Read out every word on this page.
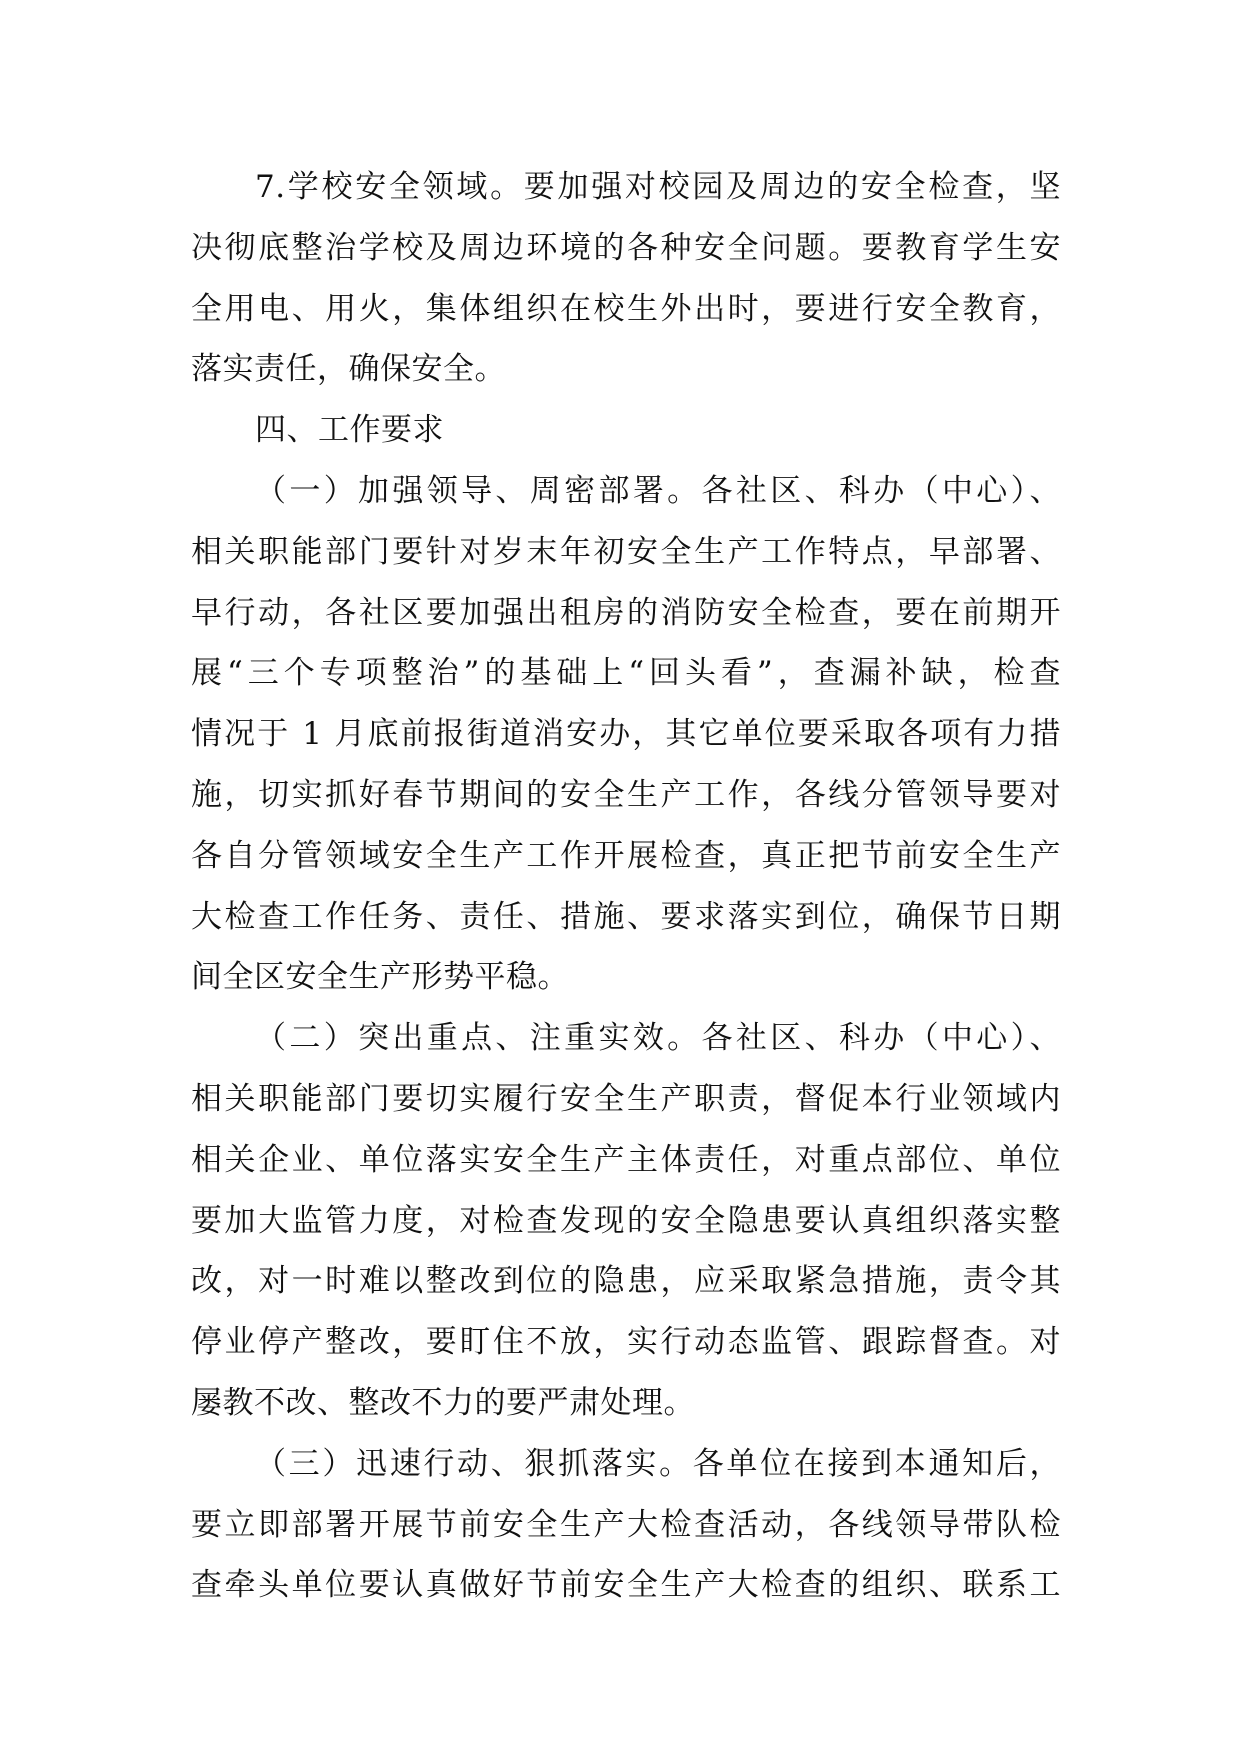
7.学校安全领域。要加强对校园及周边的安全检查，坚
决彻底整治学校及周边环境的各种安全问题。要教育学生安
全用电、用火，集体组织在校生外出时，要进行安全教育，
落实责任，确保安全。
四、工作要求
（一）加强领导、周密部署。各社区、科办（中心）、
相关职能部门要针对岁末年初安全生产工作特点，早部署、
早行动，各社区要加强出租房的消防安全检查，要在前期开
展“三个专项整治”的基础上“回头看”，查漏补缺，检查
情况于 1 月底前报街道消安办，其它单位要采取各项有力措
施，切实抓好春节期间的安全生产工作，各线分管领导要对
各自分管领域安全生产工作开展检查，真正把节前安全生产
大检查工作任务、责任、措施、要求落实到位，确保节日期
间全区安全生产形势平稳。
（二）突出重点、注重实效。各社区、科办（中心）、
相关职能部门要切实履行安全生产职责，督促本行业领域内
相关企业、单位落实安全生产主体责任，对重点部位、单位
要加大监管力度，对检查发现的安全隐患要认真组织落实整
改，对一时难以整改到位的隐患，应采取紧急措施，责令其
停业停产整改，要盯住不放，实行动态监管、跟踪督查。对
屡教不改、整改不力的要严肃处理。
（三）迅速行动、狠抓落实。各单位在接到本通知后，
要立即部署开展节前安全生产大检查活动，各线领导带队检
查牵头单位要认真做好节前安全生产大检查的组织、联系工
